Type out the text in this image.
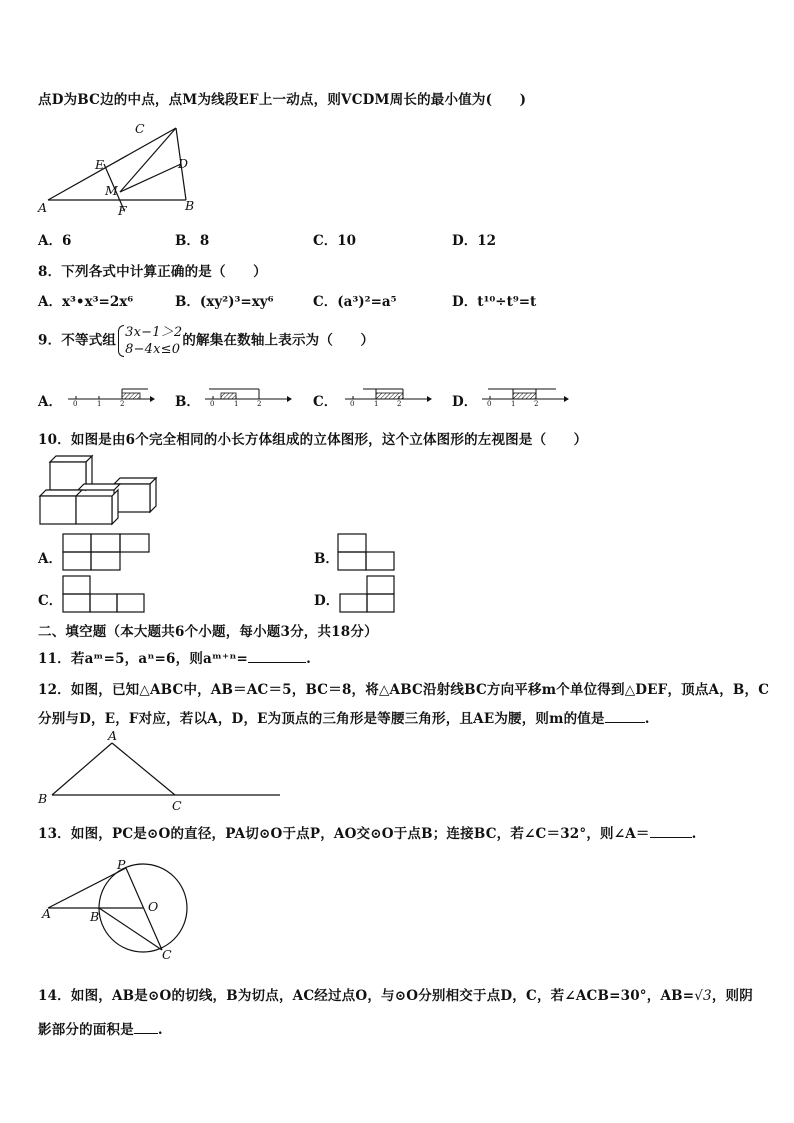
点D为BC边的中点，点M为线段EF上一动点，则VCDM周长的最小值为(　　)
C
D
E
M
A	F	B
A．6	B．8	C．10	D．12
8．下列各式中计算正确的是（　　）
A．x³•x³=2x⁶	B．(xy²)³=xy⁶	C．(a³)²=a⁵	D．t¹⁰÷t⁹=t
9．不等式组 3x−1＞2
8−4x≤0
的解集在数轴上表示为（　　）
A．	B．	C．	D．
0	1	2	0	1	2	0	1	2	0	1	2
10．如图是由6个完全相同的小长方体组成的立体图形，这个立体图形的左视图是（　　）
A．	B．
C．	D．
二、填空题（本大题共6个小题，每小题3分，共18分）
11．若aᵐ=5，aⁿ=6，则aᵐ⁺ⁿ=	.
12．如图，已知△ABC中，AB＝AC＝5，BC＝8，将△ABC沿射线BC方向平移m个单位得到△DEF，顶点A，B，C
分别与D，E，F对应，若以A，D，E为顶点的三角形是等腰三角形，且AE为腰，则m的值是	.
A
B	C
13．如图，PC是⊙O的直径，PA切⊙O于点P，AO交⊙O于点B；连接BC，若∠C＝32°，则∠A＝	.
P
A	B
O
C
14．如图，AB是⊙O的切线，B为切点，AC经过点O，与⊙O分别相交于点D，C，若∠ACB=30°，AB=√3，则阴
影部分的面积是 .
